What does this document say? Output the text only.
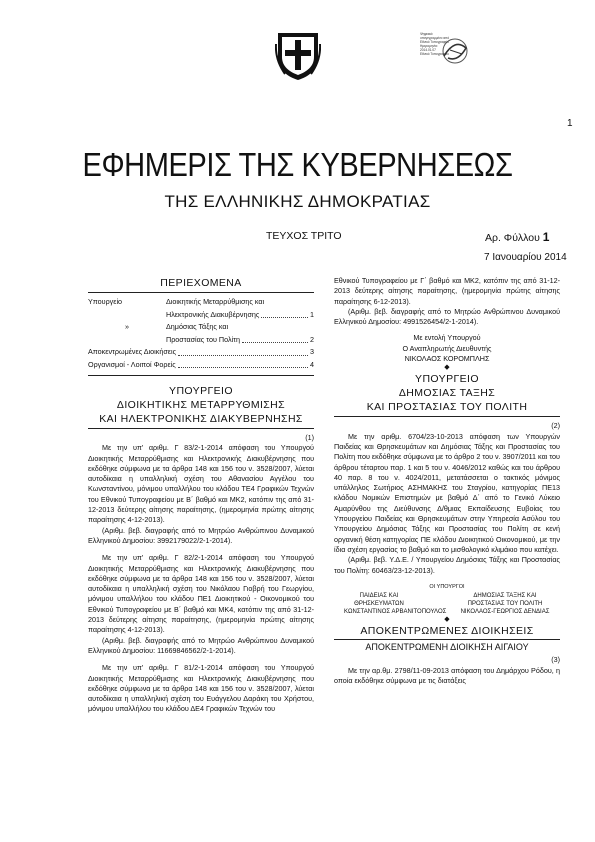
Ψηφιακά υπογεγραμμένο από
Εθνικό Τυπογραφείο
Ημερομηνία: 2014.01.07
Εθνικό Τυπογραφείο
1
ΕΦΗΜΕΡΙΣ ΤΗΣ ΚΥΒΕΡΝΗΣΕΩΣ
ΤΗΣ ΕΛΛΗΝΙΚΗΣ ΔΗΜΟΚΡΑΤΙΑΣ
ΤΕΥΧΟΣ ΤΡΙΤΟ	Αρ. Φύλλου 1
7 Ιανουαρίου 2014
ΠΕΡΙΕΧΟΜΕΝΑ
Υπουργείο	Διοικητικής Μεταρρύθμισης και
Ηλεκτρονικής Διακυβέρνησης	1
»	Δημόσιας Τάξης και
Προστασίας του Πολίτη	2
Αποκεντρωμένες Διοικήσεις	3
Οργανισμοί - Λοιποί Φορείς	4
ΥΠΟΥΡΓΕΙΟ
ΔΙΟΙΚΗΤΙΚΗΣ ΜΕΤΑΡΡΥΘΜΙΣΗΣ
ΚΑΙ ΗΛΕΚΤΡΟΝΙΚΗΣ ΔΙΑΚΥΒΕΡΝΗΣΗΣ
(1)

Με την υπ' αριθμ. Γ 83/2-1-2014 απόφαση του Υπουργού Διοικητικής Μεταρρύθμισης και Ηλεκτρονικής Διακυβέρνησης που εκδόθηκε σύμφωνα με τα άρθρα 148 και 156 του ν. 3528/2007, λύεται αυτοδίκαια η υπαλληλική σχέση του Αθανασίου Αγγέλου του Κωνσταντίνου, μόνιμου υπαλλήλου του κλάδου ΤΕ4 Γραφικών Τεχνών του Εθνικού Τυπογραφείου με Β΄ βαθμό και ΜΚ2, κατόπιν της από 31-12-2013 δεύτερης αίτησης παραίτησης, (ημερομηνία πρώτης αίτησης παραίτησης 4-12-2013).

(Αριθμ. βεβ. διαγραφής από το Μητρώο Ανθρώπινου Δυναμικού Ελληνικού Δημοσίου: 3992179022/2-1-2014).

Με την υπ' αριθμ. Γ 82/2-1-2014 απόφαση του Υπουργού Διοικητικής Μεταρρύθμισης και Ηλεκτρονικής Διακυβέρνησης που εκδόθηκε σύμφωνα με τα άρθρα 148 και 156 του ν. 3528/2007, λύεται αυτοδίκαια η υπαλληλική σχέση του Νικόλαου Γιοβρή του Γεωργίου, μόνιμου υπαλλήλου του κλάδου ΠΕ1 Διοικητικού - Οικονομικού του Εθνικού Τυπογραφείου με Β΄ βαθμό και ΜΚ4, κατόπιν της από 31-12-2013 δεύτερης αίτησης παραίτησης, (ημερομηνία πρώτης αίτησης παραίτησης 4-12-2013).

(Αριθμ. βεβ. διαγραφής από το Μητρώο Ανθρώπινου Δυναμικού Ελληνικού Δημοσίου: 11669846562/2-1-2014).

Με την υπ' αριθμ. Γ 81/2-1-2014 απόφαση του Υπουργού Διοικητικής Μεταρρύθμισης και Ηλεκτρονικής Διακυβέρνησης που εκδόθηκε σύμφωνα με τα άρθρα 148 και 156 του ν. 3528/2007, λύεται αυτοδίκαια η υπαλληλική σχέση του Ευάγγελου Δαράκη του Χρήστου, μόνιμου υπαλλήλου του κλάδου ΔΕ4 Γραφικών Τεχνών του

Εθνικού Τυπογραφείου με Γ΄ βαθμό και ΜΚ2, κατόπιν της από 31-12-2013 δεύτερης αίτησης παραίτησης, (ημερομηνία πρώτης αίτησης παραίτησης 6-12-2013).

(Αριθμ. βεβ. διαγραφής από το Μητρώο Ανθρώπινου Δυναμικού Ελληνικού Δημοσίου: 4991526454/2-1-2014).

Με εντολή Υπουργού
Ο Αναπληρωτής Διευθυντής
ΝΙΚΟΛΑΟΣ ΚΟΡΟΜΠΛΗΣ
◆
ΥΠΟΥΡΓΕΙΟ
ΔΗΜΟΣΙΑΣ ΤΑΞΗΣ
ΚΑΙ ΠΡΟΣΤΑΣΙΑΣ ΤΟΥ ΠΟΛΙΤΗ
(2)

Με την αριθμ. 6704/23-10-2013 απόφαση των Υπουργών Παιδείας και Θρησκευμάτων και Δημόσιας Τάξης και Προστασίας του Πολίτη που εκδόθηκε σύμφωνα με το άρθρο 2 του ν. 3907/2011 και του άρθρου τέταρτου παρ. 1 και 5 του ν. 4046/2012 καθώς και του άρθρου 40 παρ. 8 του ν. 4024/2011, μετατάσσεται ο τακτικός μόνιμος υπάλληλος Σωτήριος ΑΣΗΜΑΚΗΣ του Σταγρίου, κατηγορίας ΠΕ13 κλάδου Νομικών Επιστημών με βαθμό Δ΄ από το Γενικό Λύκειο Αμαρύνθου της Διεύθυνσης Δ/θμιας Εκπαίδευσης Ευβοίας του Υπουργείου Παιδείας και Θρησκευμάτων στην Υπηρεσία Ασύλου του Υπουργείου Δημόσιας Τάξης και Προστασίας του Πολίτη σε κενή οργανική θέση κατηγορίας ΠΕ κλάδου Διοικητικού Οικονομικού, με την ίδια σχέση εργασίας το βαθμό και το μισθολογικό κλιμάκιο που κατέχει.

(Αριθμ. βεβ. Υ.Δ.Ε. / Υπουργείου Δημόσιας Τάξης και Προστασίας του Πολίτη: 60463/23-12-2013).

ΟΙ ΥΠΟΥΡΓΟΙ
ΠΑΙΔΕΙΑΣ ΚΑΙ ΘΡΗΣΚΕΥΜΑΤΩΝ
ΚΩΝΣΤΑΝΤΙΝΟΣ ΑΡΒΑΝΙΤΟΠΟΥΛΟΣ
ΔΗΜΟΣΙΑΣ ΤΑΞΗΣ ΚΑΙ ΠΡΟΣΤΑΣΙΑΣ ΤΟΥ ΠΟΛΙΤΗ
ΝΙΚΟΛΑΟΣ-ΓΕΩΡΓΙΟΣ ΔΕΝΔΙΑΣ
◆
ΑΠΟΚΕΝΤΡΩΜΕΝΕΣ ΔΙΟΙΚΗΣΕΙΣ
ΑΠΟΚΕΝΤΡΩΜΕΝΗ ΔΙΟΙΚΗΣΗ ΑΙΓΑΙΟΥ
(3)

Με την αρ.θμ. 2798/11-09-2013 απόφαση του Δημάρχου Ρόδου, η οποία εκδόθηκε σύμφωνα με τις διατάξεις
